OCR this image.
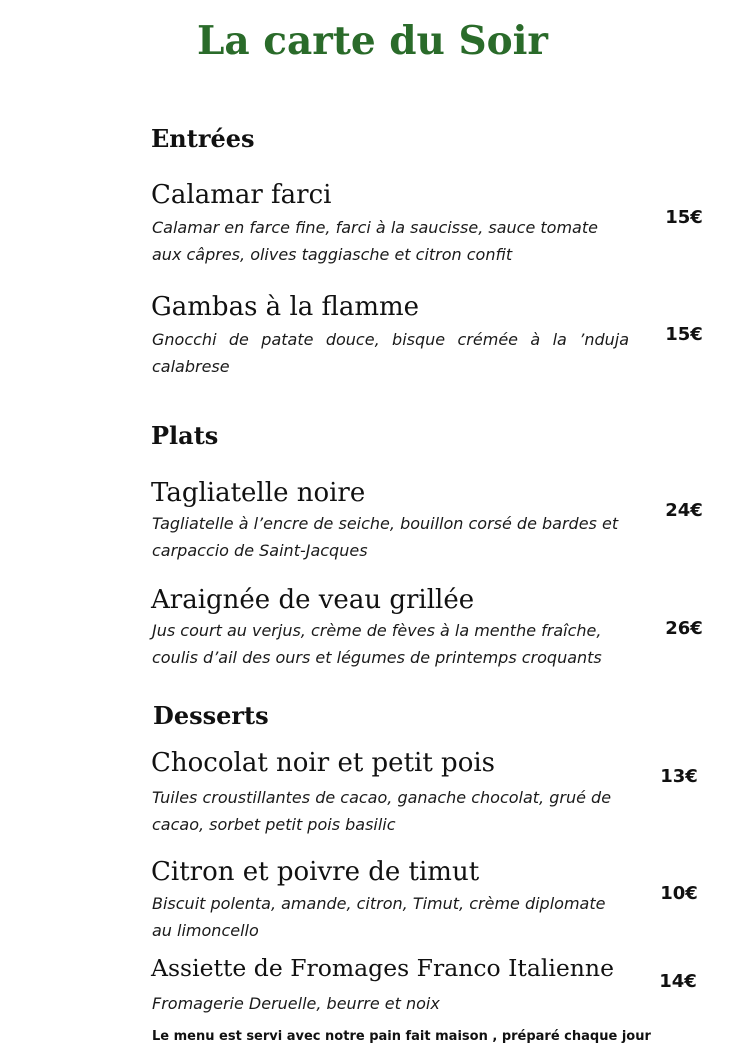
La carte du Soir
Entrées
Calamar farci
Calamar en farce fine, farci à la saucisse, sauce tomate aux câpres, olives taggiasche et citron confit
15€
Gambas à la flamme
Gnocchi de patate douce, bisque crémée à la ’nduja calabrese
15€
Plats
Tagliatelle noire
Tagliatelle à l’encre de seiche, bouillon corsé de bardes et carpaccio de Saint-Jacques
24€
Araignée de veau grillée
Jus court au verjus, crème de fèves à la menthe fraîche, coulis d’ail des ours et légumes de printemps croquants
26€
Desserts
Chocolat noir et petit pois
Tuiles croustillantes de cacao, ganache chocolat, grué de cacao, sorbet petit pois basilic
13€
Citron et poivre de timut
Biscuit polenta, amande, citron, Timut, crème diplomate au limoncello
10€
Assiette de Fromages Franco Italienne
Fromagerie Deruelle, beurre et noix
14€
Le menu est servi avec notre pain fait maison , préparé chaque jour
